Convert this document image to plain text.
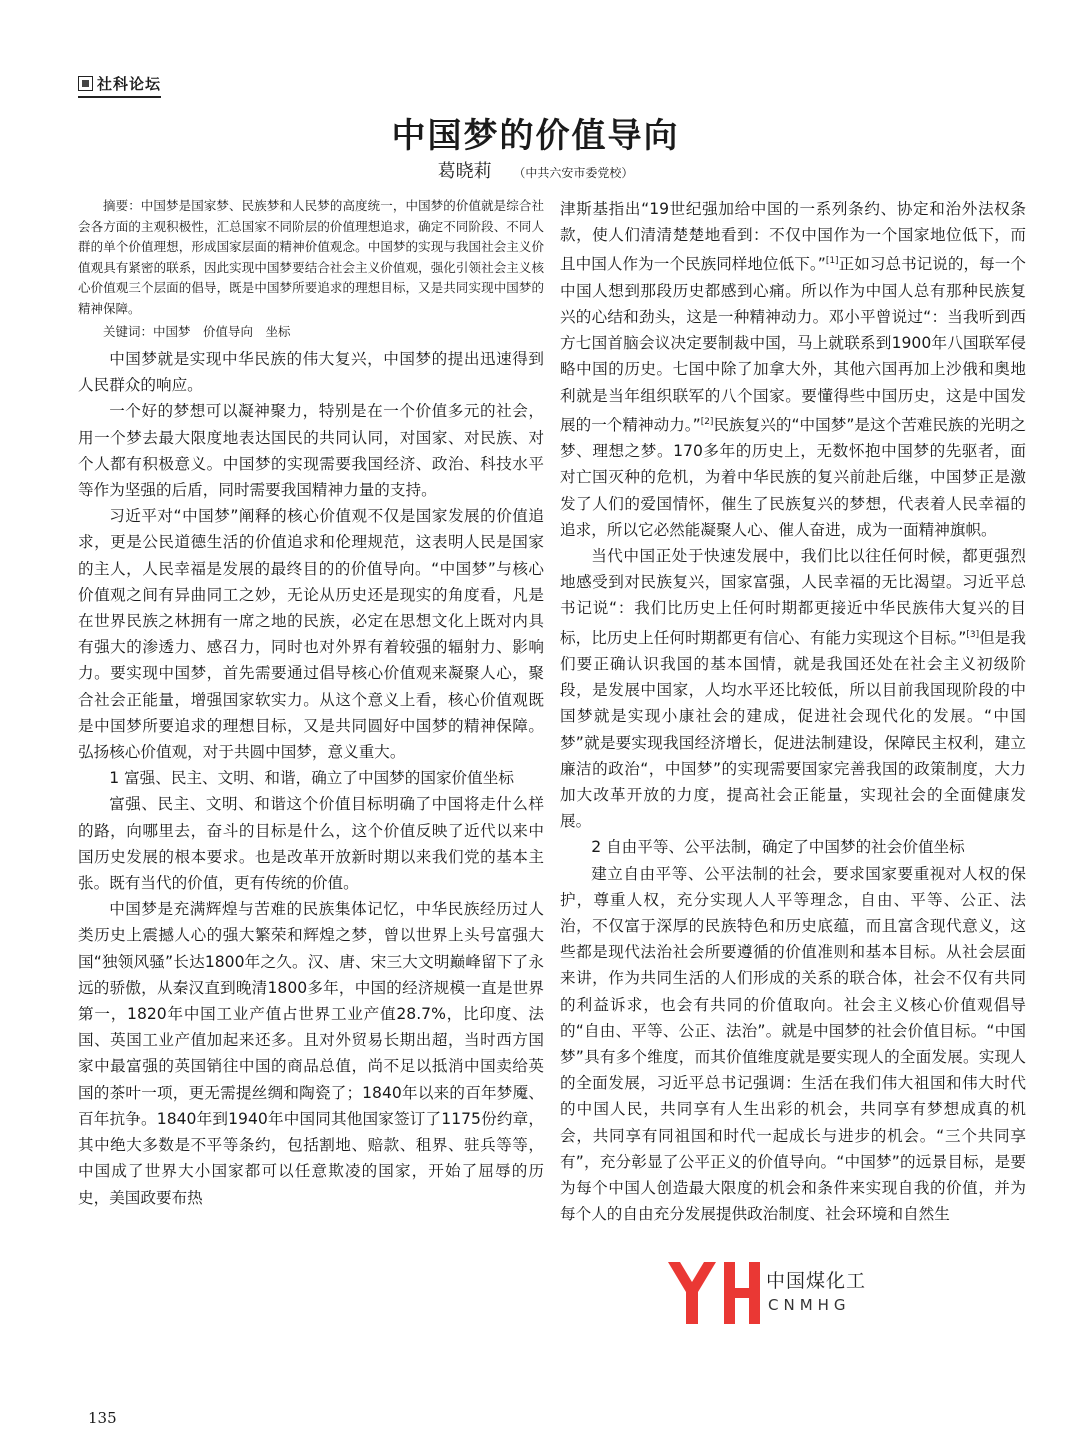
社科论坛
中国梦的价值导向
葛晓莉 （中共六安市委党校）

摘要：中国梦是国家梦、民族梦和人民梦的高度统一，中国梦的价值就是综合社会各方面的主观积极性，汇总国家不同阶层的价值理想追求，确定不同阶段、不同人群的单个价值理想，形成国家层面的精神价值观念。中国梦的实现与我国社会主义价值观具有紧密的联系，因此实现中国梦要结合社会主义价值观，强化引领社会主义核心价值观三个层面的倡导，既是中国梦所要追求的理想目标，又是共同实现中国梦的精神保障。

关键词：中国梦　价值导向　坐标

中国梦就是实现中华民族的伟大复兴，中国梦的提出迅速得到人民群众的响应。

一个好的梦想可以凝神聚力，特别是在一个价值多元的社会，用一个梦去最大限度地表达国民的共同认同，对国家、对民族、对个人都有积极意义。中国梦的实现需要我国经济、政治、科技水平等作为坚强的后盾，同时需要我国精神力量的支持。

习近平对“中国梦”阐释的核心价值观不仅是国家发展的价值追求，更是公民道德生活的价值追求和伦理规范，这表明人民是国家的主人，人民幸福是发展的最终目的的价值导向。“中国梦”与核心价值观之间有异曲同工之妙，无论从历史还是现实的角度看，凡是在世界民族之林拥有一席之地的民族，必定在思想文化上既对内具有强大的渗透力、感召力，同时也对外界有着较强的辐射力、影响力。要实现中国梦，首先需要通过倡导核心价值观来凝聚人心，聚合社会正能量，增强国家软实力。从这个意义上看，核心价值观既是中国梦所要追求的理想目标，又是共同圆好中国梦的精神保障。弘扬核心价值观，对于共圆中国梦，意义重大。

1 富强、民主、文明、和谐，确立了中国梦的国家价值坐标

富强、民主、文明、和谐这个价值目标明确了中国将走什么样的路，向哪里去，奋斗的目标是什么，这个价值反映了近代以来中国历史发展的根本要求。也是改革开放新时期以来我们党的基本主张。既有当代的价值，更有传统的价值。

中国梦是充满辉煌与苦难的民族集体记忆，中华民族经历过人类历史上震撼人心的强大繁荣和辉煌之梦，曾以世界上头号富强大国“独领风骚”长达1800年之久。汉、唐、宋三大文明巅峰留下了永远的骄傲，从秦汉直到晚清1800多年，中国的经济规模一直是世界第一，1820年中国工业产值占世界工业产值28.7%，比印度、法国、英国工业产值加起来还多。且对外贸易长期出超，当时西方国家中最富强的英国销往中国的商品总值，尚不足以抵消中国卖给英国的茶叶一项，更无需提丝绸和陶瓷了；1840年以来的百年梦魇、百年抗争。1840年到1940年中国同其他国家签订了1175份约章，其中绝大多数是不平等条约，包括割地、赔款、租界、驻兵等等，中国成了世界大小国家都可以任意欺凌的国家，开始了屈辱的历史，美国政要布热

津斯基指出“19世纪强加给中国的一系列条约、协定和治外法权条款，使人们清清楚楚地看到：不仅中国作为一个国家地位低下，而且中国人作为一个民族同样地位低下。”[1]正如习总书记说的，每一个中国人想到那段历史都感到心痛。所以作为中国人总有那种民族复兴的心结和劲头，这是一种精神动力。邓小平曾说过“：当我听到西方七国首脑会议决定要制裁中国，马上就联系到1900年八国联军侵略中国的历史。七国中除了加拿大外，其他六国再加上沙俄和奥地利就是当年组织联军的八个国家。要懂得些中国历史，这是中国发展的一个精神动力。”[2]民族复兴的“中国梦”是这个苦难民族的光明之梦、理想之梦。170多年的历史上，无数怀抱中国梦的先驱者，面对亡国灭种的危机，为着中华民族的复兴前赴后继，中国梦正是激发了人们的爱国情怀，催生了民族复兴的梦想，代表着人民幸福的追求，所以它必然能凝聚人心、催人奋进，成为一面精神旗帜。

当代中国正处于快速发展中，我们比以往任何时候，都更强烈地感受到对民族复兴，国家富强，人民幸福的无比渴望。习近平总书记说“：我们比历史上任何时期都更接近中华民族伟大复兴的目标，比历史上任何时期都更有信心、有能力实现这个目标。”[3]但是我们要正确认识我国的基本国情，就是我国还处在社会主义初级阶段，是发展中国家，人均水平还比较低，所以目前我国现阶段的中国梦就是实现小康社会的建成，促进社会现代化的发展。“中国梦”就是要实现我国经济增长，促进法制建设，保障民主权利，建立廉洁的政治“，中国梦”的实现需要国家完善我国的政策制度，大力加大改革开放的力度，提高社会正能量，实现社会的全面健康发展。

2 自由平等、公平法制，确定了中国梦的社会价值坐标

建立自由平等、公平法制的社会，要求国家要重视对人权的保护，尊重人权，充分实现人人平等理念，自由、平等、公正、法治，不仅富于深厚的民族特色和历史底蕴，而且富含现代意义，这些都是现代法治社会所要遵循的价值准则和基本目标。从社会层面来讲，作为共同生活的人们形成的关系的联合体，社会不仅有共同的利益诉求，也会有共同的价值取向。社会主义核心价值观倡导的“自由、平等、公正、法治”。就是中国梦的社会价值目标。“中国梦”具有多个维度，而其价值维度就是要实现人的全面发展。实现人的全面发展，习近平总书记强调：生活在我们伟大祖国和伟大时代的中国人民，共同享有人生出彩的机会，共同享有梦想成真的机会，共同享有同祖国和时代一起成长与进步的机会。“三个共同享有”，充分彰显了公平正义的价值导向。“中国梦”的远景目标，是要为每个中国人创造最大限度的机会和条件来实现自我的价值，并为每个人的自由充分发展提供政治制度、社会环境和自然生

中国煤化工
CNMHG
135
